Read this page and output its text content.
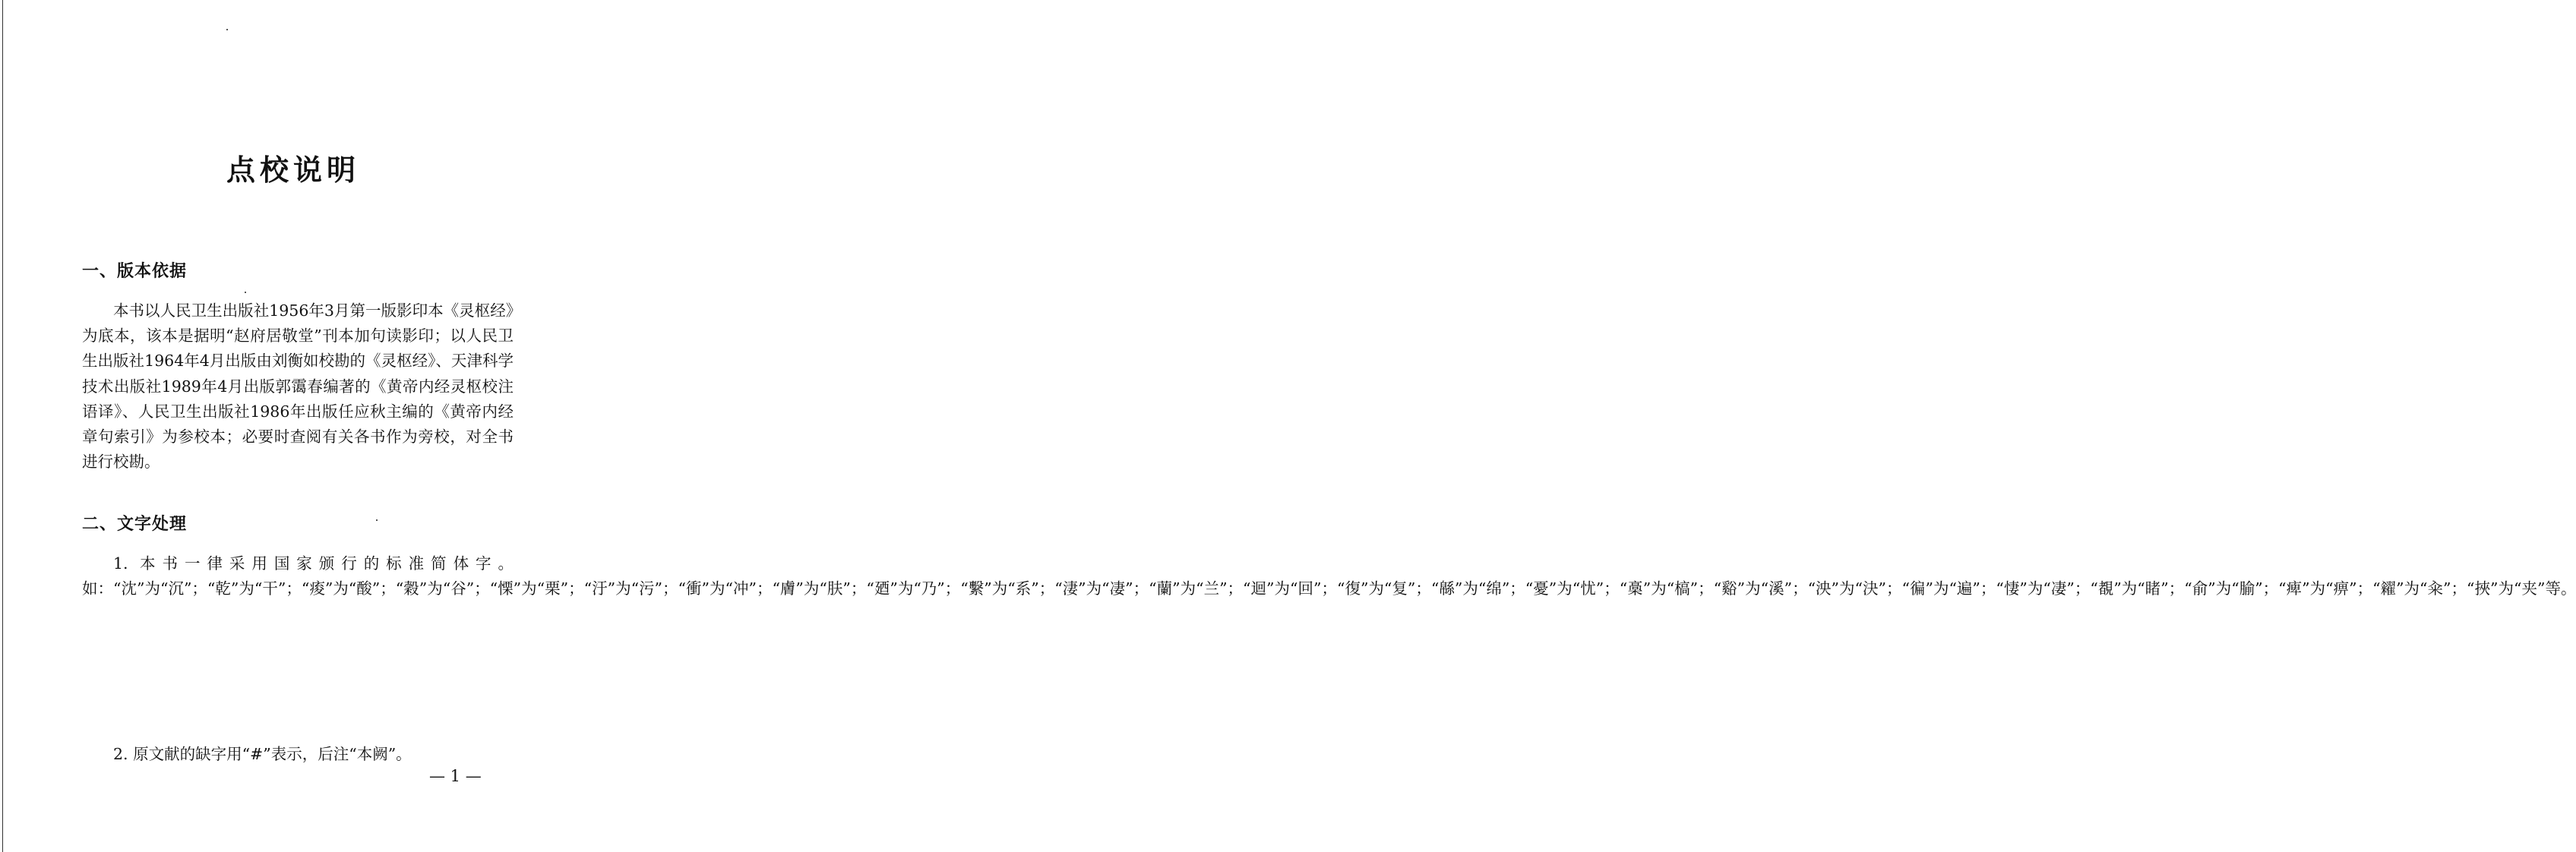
点校说明
一、版本依据

本书以人民卫生出版社1956年3月第一版影印本《灵枢经》为底本，该本是据明“赵府居敬堂”刊本加句读影印；以人民卫生出版社1964年4月出版由刘衡如校勘的《灵枢经》、天津科学技术出版社1989年4月出版郭霭春编著的《黄帝内经灵枢校注语译》、人民卫生出版社1986年出版任应秋主编的《黄帝内经章句索引》为参校本；必要时查阅有关各书作为旁校，对全书进行校勘。

二、文字处理

1. 本书一律采用国家颁行的标准简体字。如：“沈”为“沉”；“乾”为“干”；“痠”为“酸”；“穀”为“谷”；“慄”为“栗”；“汙”为“污”；“衝”为“冲”；“膚”为“肤”；“廼”为“乃”；“繫”为“系”；“淒”为“凄”；“蘭”为“兰”；“迴”为“回”；“復”为“复”；“緜”为“绵”；“憂”为“忧”；“槀”为“槁”；“谿”为“溪”；“泱”为“決”；“徧”为“遍”；“悽”为“凄”；“覩”为“睹”；“俞”为“腧”；“痺”为“痹”；“糴”为“籴”；“挾”为“夹”等。

2. 原文献的缺字用“#”表示，后注“本阙”。

— 1 —
